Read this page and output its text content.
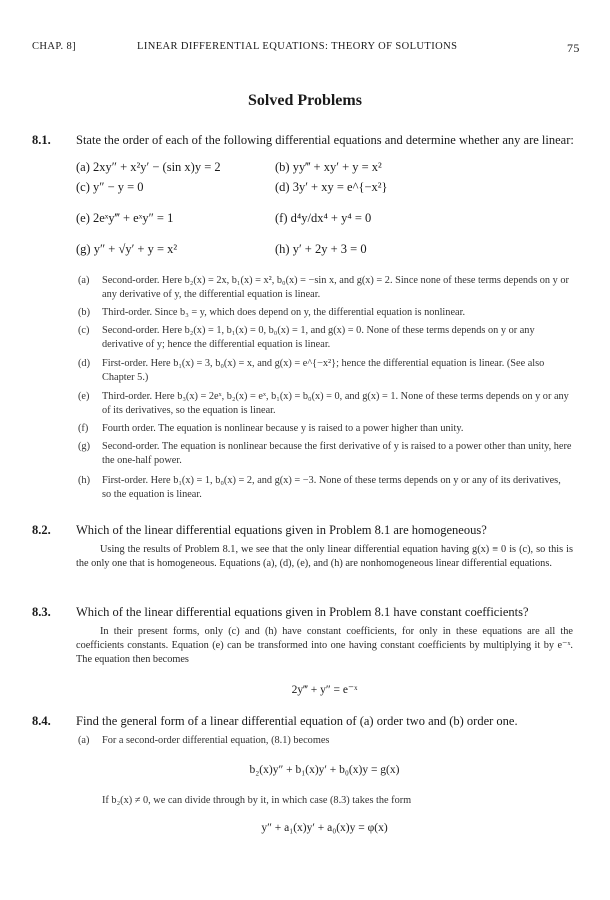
CHAP. 8]	LINEAR DIFFERENTIAL EQUATIONS: THEORY OF SOLUTIONS	75
Solved Problems
8.1. State the order of each of the following differential equations and determine whether any are linear:
(a) 2xy″ + x²y′ − (sin x)y = 2	(b) yy‴ + xy′ + y = x²
(c) y″ − y = 0	(d) 3y′ + xy = e^{−x²}
(e) 2eˣy‴ + eˣy″ = 1	(f) d⁴y/dx⁴ + y⁴ = 0
(g) y″ + √y′ + y = x²	(h) y′ + 2y + 3 = 0
(a) Second-order. Here b₂(x) = 2x, b₁(x) = x², b₀(x) = −sin x, and g(x) = 2. Since none of these terms depends on y or any derivative of y, the differential equation is linear.
(b) Third-order. Since b₃ = y, which does depend on y, the differential equation is nonlinear.
(c) Second-order. Here b₂(x) = 1, b₁(x) = 0, b₀(x) = 1, and g(x) = 0. None of these terms depends on y or any derivative of y; hence the differential equation is linear.
(d) First-order. Here b₁(x) = 3, b₀(x) = x, and g(x) = e^{−x²}; hence the differential equation is linear. (See also Chapter 5.)
(e) Third-order. Here b₃(x) = 2eˣ, b₂(x) = eˣ, b₁(x) = b₀(x) = 0, and g(x) = 1. None of these terms depends on y or any of its derivatives, so the equation is linear.
(f) Fourth order. The equation is nonlinear because y is raised to a power higher than unity.
(g) Second-order. The equation is nonlinear because the first derivative of y is raised to a power other than unity, here the one-half power.
(h) First-order. Here b₁(x) = 1, b₀(x) = 2, and g(x) = −3. None of these terms depends on y or any of its derivatives, so the equation is linear.
8.2. Which of the linear differential equations given in Problem 8.1 are homogeneous?
Using the results of Problem 8.1, we see that the only linear differential equation having g(x) ≡ 0 is (c), so this is the only one that is homogeneous. Equations (a), (d), (e), and (h) are nonhomogeneous linear differential equations.
8.3. Which of the linear differential equations given in Problem 8.1 have constant coefficients?
In their present forms, only (c) and (h) have constant coefficients, for only in these equations are all the coefficients constants. Equation (e) can be transformed into one having constant coefficients by multiplying it by e⁻ˣ. The equation then becomes
2y‴ + y″ = e⁻ˣ
8.4. Find the general form of a linear differential equation of (a) order two and (b) order one.
(a) For a second-order differential equation, (8.1) becomes
b₂(x)y″ + b₁(x)y′ + b₀(x)y = g(x)
If b₂(x) ≠ 0, we can divide through by it, in which case (8.3) takes the form
y″ + a₁(x)y′ + a₀(x)y = φ(x)
